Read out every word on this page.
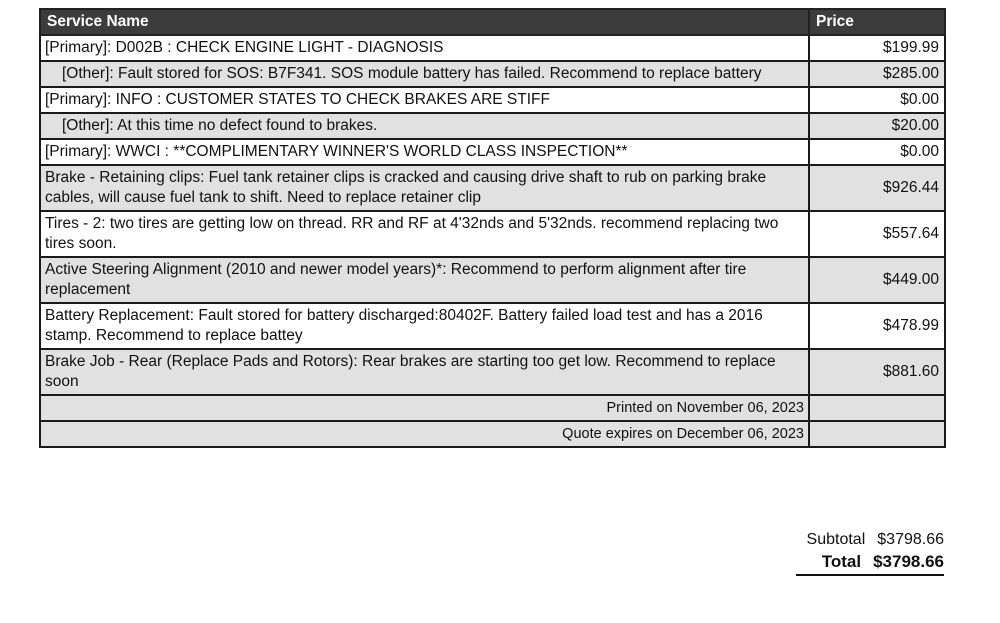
Service Name	Price
[Primary]: D002B : CHECK ENGINE LIGHT - DIAGNOSIS	$199.99
[Other]: Fault stored for SOS: B7F341. SOS module battery has failed. Recommend to replace battery	$285.00
[Primary]: INFO : CUSTOMER STATES TO CHECK BRAKES ARE STIFF	$0.00
[Other]: At this time no defect found to brakes.	$20.00
[Primary]: WWCI : **COMPLIMENTARY WINNER'S WORLD CLASS INSPECTION**	$0.00
Brake - Retaining clips: Fuel tank retainer clips is cracked and causing drive shaft to rub on parking brake cables, will cause fuel tank to shift. Need to replace retainer clip	$926.44
Tires - 2: two tires are getting low on thread. RR and RF at 4'32nds and 5'32nds. recommend replacing two tires soon.	$557.64
Active Steering Alignment (2010 and newer model years)*: Recommend to perform alignment after tire replacement	$449.00
Battery Replacement: Fault stored for battery discharged:80402F. Battery failed load test and has a 2016 stamp. Recommend to replace battey	$478.99
Brake Job - Rear (Replace Pads and Rotors): Rear brakes are starting too get low. Recommend to replace soon	$881.60
Printed on November 06, 2023	
Quote expires on December 06, 2023	
Subtotal $3798.66
Total $3798.66
